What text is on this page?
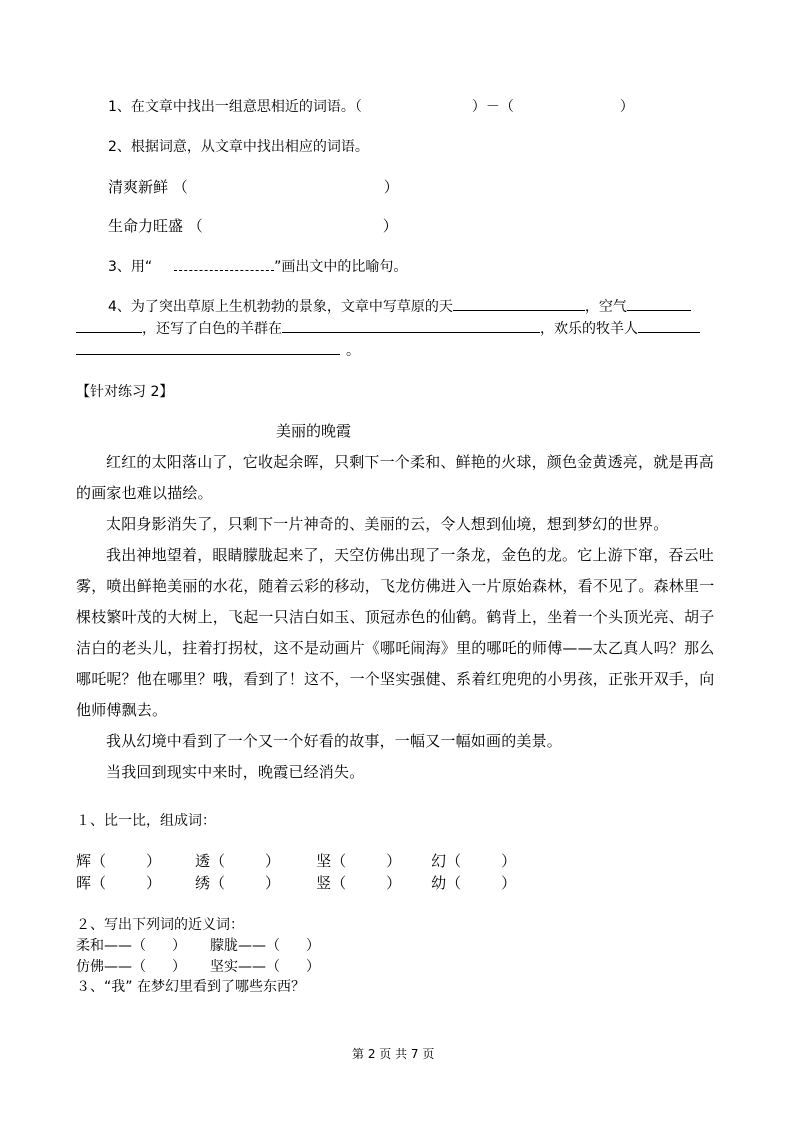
1、在文章中找出一组意思相近的词语。（	）－（	）
2、根据词意，从文章中找出相应的词语。
清爽新鲜 （	）
生命力旺盛 （	）
3、用“	”画出文中的比喻句。
4、为了突出草原上生机勃勃的景象，文章中写草原的天	，空气
，还写了白色的羊群在	，欢乐的牧羊人
。
【针对练习 2】
美丽的晚霞
红红的太阳落山了，它收起余晖，只剩下一个柔和、鲜艳的火球，颜色金黄透亮，就是再高的画家也难以描绘。
太阳身影消失了，只剩下一片神奇的、美丽的云，令人想到仙境，想到梦幻的世界。
我出神地望着，眼睛朦胧起来了，天空仿佛出现了一条龙，金色的龙。它上游下窜，吞云吐雾，喷出鲜艳美丽的水花，随着云彩的移动，飞龙仿佛进入一片原始森林，看不见了。森林里一棵枝繁叶茂的大树上，飞起一只洁白如玉、顶冠赤色的仙鹤。鹤背上，坐着一个头顶光亮、胡子洁白的老头儿，拄着打拐杖，这不是动画片《哪吒闹海》里的哪吒的师傅——太乙真人吗？那么哪吒呢？他在哪里？哦，看到了！这不，一个坚实强健、系着红兜兜的小男孩，正张开双手，向他师傅飘去。
我从幻境中看到了一个又一个好看的故事，一幅又一幅如画的美景。
当我回到现实中来时，晚霞已经消失。
１、比一比，组成词：
辉（	） 透（	） 坚（	） 幻（	）
晖（	） 绣（	） 竖（	） 幼（	）
２、写出下列词的近义词：
柔和——（ ） 朦胧——（ ）
仿佛——（ ） 坚实——（ ）
３、“我” 在梦幻里看到了哪些东西？
第 2 页 共 7 页
